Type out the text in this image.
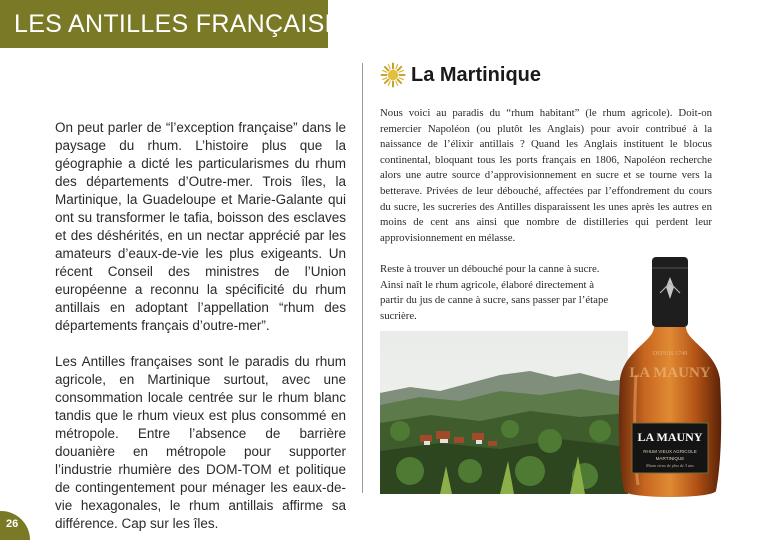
LES ANTILLES FRANÇAISES

On peut parler de “l’exception française” dans le paysage du rhum. L’histoire plus que la géographie a dicté les particularismes du rhum des départements d’Outre-mer. Trois îles, la Martinique, la Guadeloupe et Marie-Galante qui ont su transformer le tafia, boisson des esclaves et des déshérités, en un nectar apprécié par les amateurs d’eaux-de-vie les plus exigeants. Un récent Conseil des ministres de l’Union européenne a reconnu la spécificité du rhum antillais en adoptant l’appellation “rhum des départements français d’outre-mer”.

Les Antilles françaises sont le paradis du rhum agricole, en Martinique surtout, avec une consommation locale centrée sur le rhum blanc tandis que le rhum vieux est plus consommé en métropole. Entre l’absence de barrière douanière en métropole pour supporter l’industrie rhumière des DOM-TOM et politique de contingentement pour ménager les eaux-de-vie hexagonales, le rhum antillais affirme sa différence. Cap sur les îles.

La Martinique

Nous voici au paradis du “rhum habitant” (le rhum agricole). Doit-on remercier Napoléon (ou plutôt les Anglais) pour avoir contribué à la naissance de l’élixir antillais ? Quand les Anglais instituent le blocus continental, bloquant tous les ports français en 1806, Napoléon recherche alors une autre source d’approvisionnement en sucre et se tourne vers la betterave. Privées de leur débouché, affectées par l’effondrement du cours du sucre, les sucreries des Antilles disparaissent les unes après les autres en moins de cent ans ainsi que nombre de distilleries qui perdent leur approvisionnement en mélasse.

Reste à trouver un débouché pour la canne à sucre. Ainsi naît le rhum agricole, élaboré directement à partir du jus de canne à sucre, sans passer par l’étape sucrière.

DEPUIS 1749
LA MAUNY
LA MAUNY
RHUM VIEUX AGRICOLE
MARTINIQUE
Rhum vieux de plus de 3 ans
26
